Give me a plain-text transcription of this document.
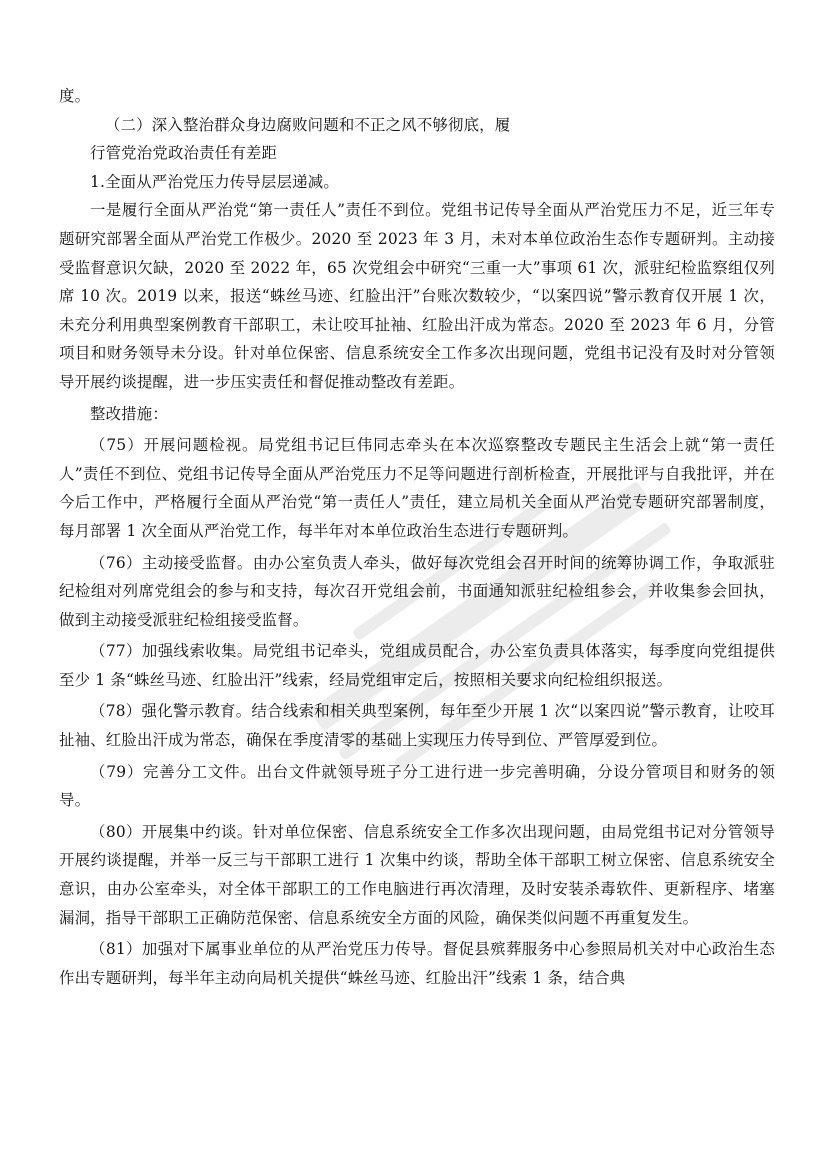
度。

（二）深入整治群众身边腐败问题和不正之风不够彻底，履

行管党治党政治责任有差距

1.全面从严治党压力传导层层递减。

一是履行全面从严治党“第一责任人”责任不到位。党组书记传导全面从严治党压力不足，近三年专题研究部署全面从严治党工作极少。2020 至 2023 年 3 月，未对本单位政治生态作专题研判。主动接受监督意识欠缺，2020 至 2022 年，65 次党组会中研究“三重一大”事项 61 次，派驻纪检监察组仅列席 10 次。2019 以来，报送“蛛丝马迹、红脸出汗”台账次数较少，“以案四说”警示教育仅开展 1 次，未充分利用典型案例教育干部职工，未让咬耳扯袖、红脸出汗成为常态。2020 至 2023 年 6 月，分管项目和财务领导未分设。针对单位保密、信息系统安全工作多次出现问题，党组书记没有及时对分管领导开展约谈提醒，进一步压实责任和督促推动整改有差距。

整改措施：

（75）开展问题检视。局党组书记巨伟同志牵头在本次巡察整改专题民主生活会上就“第一责任人”责任不到位、党组书记传导全面从严治党压力不足等问题进行剖析检查，开展批评与自我批评，并在今后工作中，严格履行全面从严治党“第一责任人”责任，建立局机关全面从严治党专题研究部署制度，每月部署 1 次全面从严治党工作，每半年对本单位政治生态进行专题研判。

（76）主动接受监督。由办公室负责人牵头，做好每次党组会召开时间的统筹协调工作，争取派驻纪检组对列席党组会的参与和支持，每次召开党组会前，书面通知派驻纪检组参会，并收集参会回执，做到主动接受派驻纪检组接受监督。

（77）加强线索收集。局党组书记牵头，党组成员配合，办公室负责具体落实，每季度向党组提供至少 1 条“蛛丝马迹、红脸出汗”线索，经局党组审定后，按照相关要求向纪检组织报送。

（78）强化警示教育。结合线索和相关典型案例，每年至少开展 1 次“以案四说”警示教育，让咬耳扯袖、红脸出汗成为常态，确保在季度清零的基础上实现压力传导到位、严管厚爱到位。

（79）完善分工文件。出台文件就领导班子分工进行进一步完善明确，分设分管项目和财务的领导。

（80）开展集中约谈。针对单位保密、信息系统安全工作多次出现问题，由局党组书记对分管领导开展约谈提醒，并举一反三与干部职工进行 1 次集中约谈，帮助全体干部职工树立保密、信息系统安全意识，由办公室牵头，对全体干部职工的工作电脑进行再次清理，及时安装杀毒软件、更新程序、堵塞漏洞，指导干部职工正确防范保密、信息系统安全方面的风险，确保类似问题不再重复发生。

（81）加强对下属事业单位的从严治党压力传导。督促县殡葬服务中心参照局机关对中心政治生态作出专题研判，每半年主动向局机关提供“蛛丝马迹、红脸出汗”线索 1 条，结合典
